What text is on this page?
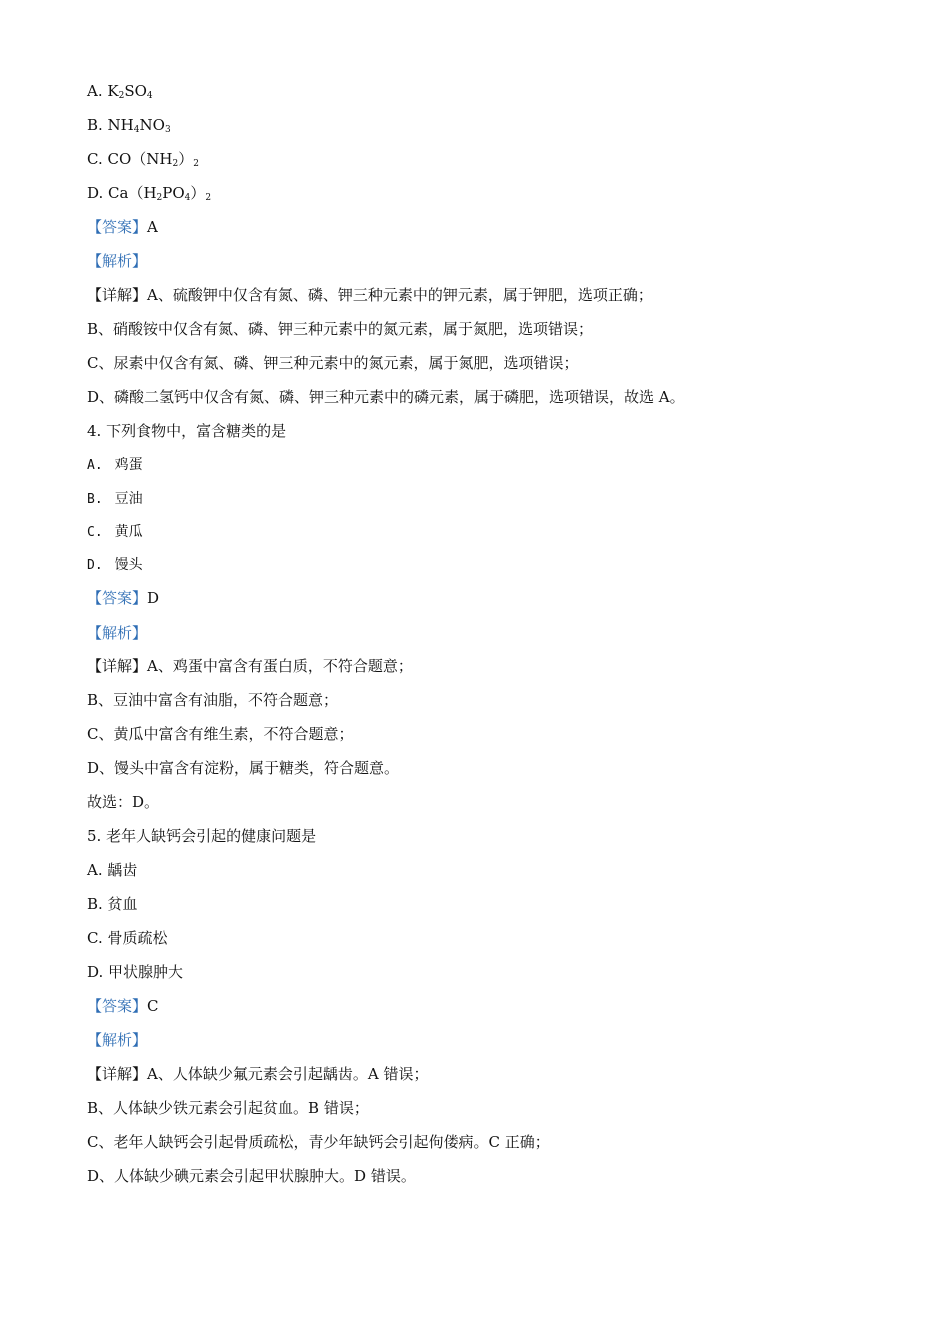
A. $K_2SO_4$
B. $NH_4NO_3$
C. $CO(NH_2)_2$
D. $Ca(H_2PO_4)_2$
【答案】A
【解析】
【详解】A、硫酸钾中仅含有氮、磷、钾三种元素中的钾元素，属于钾肥，选项正确；
B、硝酸铵中仅含有氮、磷、钾三种元素中的氮元素，属于氮肥，选项错误；
C、尿素中仅含有氮、磷、钾三种元素中的氮元素，属于氮肥，选项错误；
D、磷酸二氢钙中仅含有氮、磷、钾三种元素中的磷元素，属于磷肥，选项错误，故选 A。
4. 下列食物中，富含糖类的是
A. 鸡蛋
B. 豆油
C. 黄瓜
D. 馒头
【答案】D
【解析】
【详解】A、鸡蛋中富含有蛋白质，不符合题意；
B、豆油中富含有油脂，不符合题意；
C、黄瓜中富含有维生素，不符合题意；
D、馒头中富含有淀粉，属于糖类，符合题意。
故选：D。
5. 老年人缺钙会引起的健康问题是
A. 龋齿
B. 贫血
C. 骨质疏松
D. 甲状腺肿大
【答案】C
【解析】
【详解】A、人体缺少氟元素会引起龋齿。A 错误；
B、人体缺少铁元素会引起贫血。B 错误；
C、老年人缺钙会引起骨质疏松，青少年缺钙会引起佝偻病。C 正确；
D、人体缺少碘元素会引起甲状腺肿大。D 错误。
